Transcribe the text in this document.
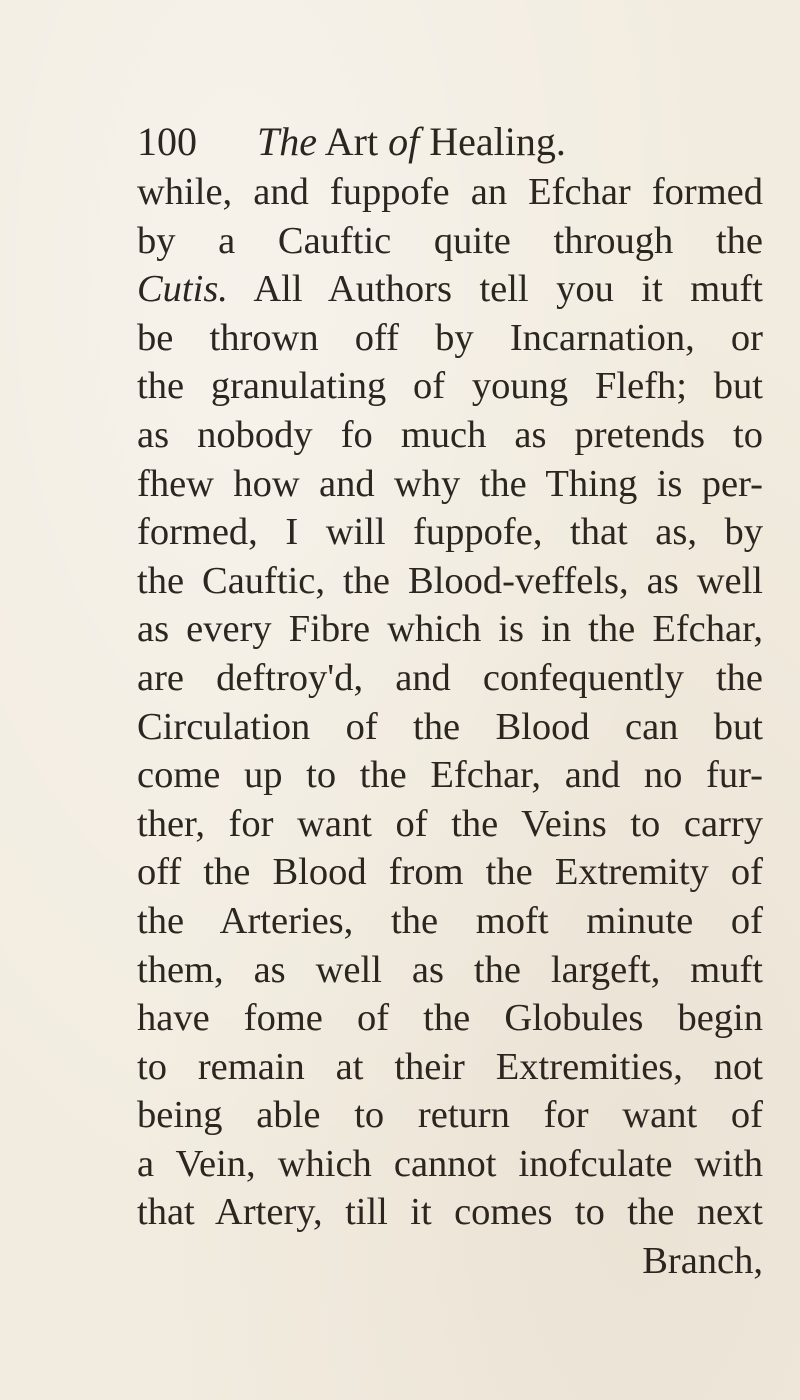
100 The Art of Healing.
while, and fuppofe an Efchar formed
by a Cauftic quite through the
Cutis. All Authors tell you it muft
be thrown off by Incarnation, or
the granulating of young Flefh; but
as nobody fo much as pretends to
fhew how and why the Thing is per-
formed, I will fuppofe, that as, by
the Cauftic, the Blood-veffels, as well
as every Fibre which is in the Efchar,
are deftroy'd, and confequently the
Circulation of the Blood can but
come up to the Efchar, and no fur-
ther, for want of the Veins to carry
off the Blood from the Extremity of
the Arteries, the moft minute of
them, as well as the largeft, muft
have fome of the Globules begin
to remain at their Extremities, not
being able to return for want of
a Vein, which cannot inofculate with
that Artery, till it comes to the next
Branch,
